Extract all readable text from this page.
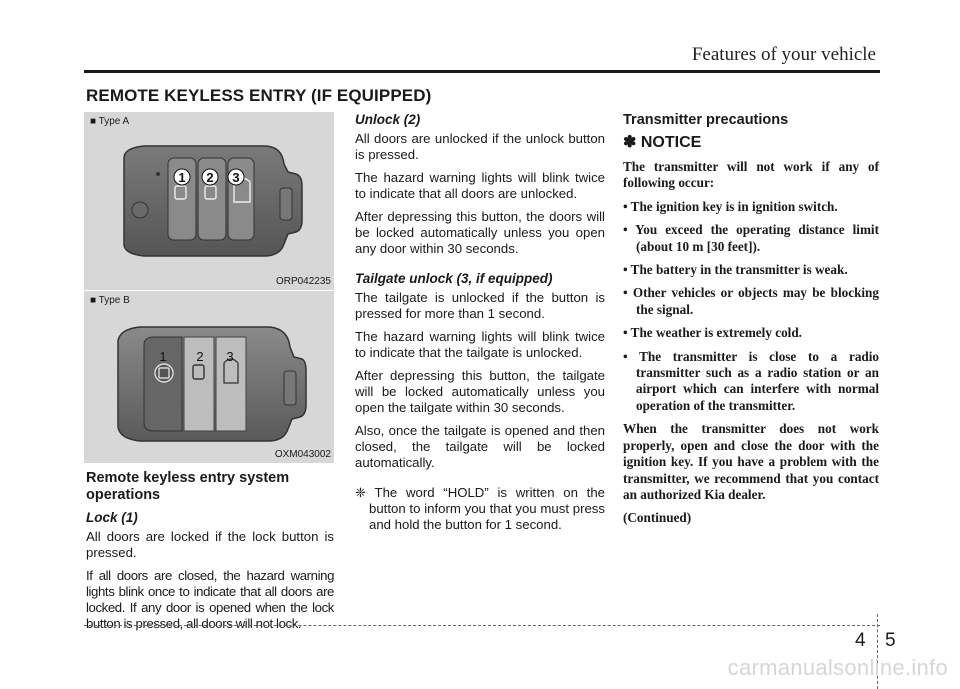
Features of your vehicle
REMOTE KEYLESS ENTRY (IF EQUIPPED)
■ Type A
1 2 3
ORP042235
■ Type B
1 2 3
OXM043002
Remote keyless entry system operations
Lock (1)

All doors are locked if the lock button is pressed.

If all doors are closed, the hazard warning lights blink once to indicate that all doors are locked. If any door is opened when the lock button is pressed, all doors will not lock.

Unlock (2)

All doors are unlocked if the unlock button is pressed.

The hazard warning lights will blink twice to indicate that all doors are unlocked.

After depressing this button, the doors will be locked automatically unless you open any door within 30 seconds.

Tailgate unlock (3, if equipped)

The tailgate is unlocked if the button is pressed for more than 1 second.

The hazard warning lights will blink twice to indicate that the tailgate is unlocked.

After depressing this button, the tailgate will be locked automatically unless you open the tailgate within 30 seconds.

Also, once the tailgate is opened and then closed, the tailgate will be locked automatically.

❈ The word “HOLD” is written on the button to inform you that you must press and hold the button for 1 second.

Transmitter precautions
✽ NOTICE

The transmitter will not work if any of following occur:

• The ignition key is in ignition switch.

• You exceed the operating distance limit (about 10 m [30 feet]).

• The battery in the transmitter is weak.

• Other vehicles or objects may be blocking the signal.

• The weather is extremely cold.

• The transmitter is close to a radio transmitter such as a radio station or an airport which can interfere with normal operation of the transmitter.

When the transmitter does not work properly, open and close the door with the ignition key. If you have a problem with the transmitter, we recommend that you contact an authorized Kia dealer.

(Continued)

4 5
carmanualsonline.info
